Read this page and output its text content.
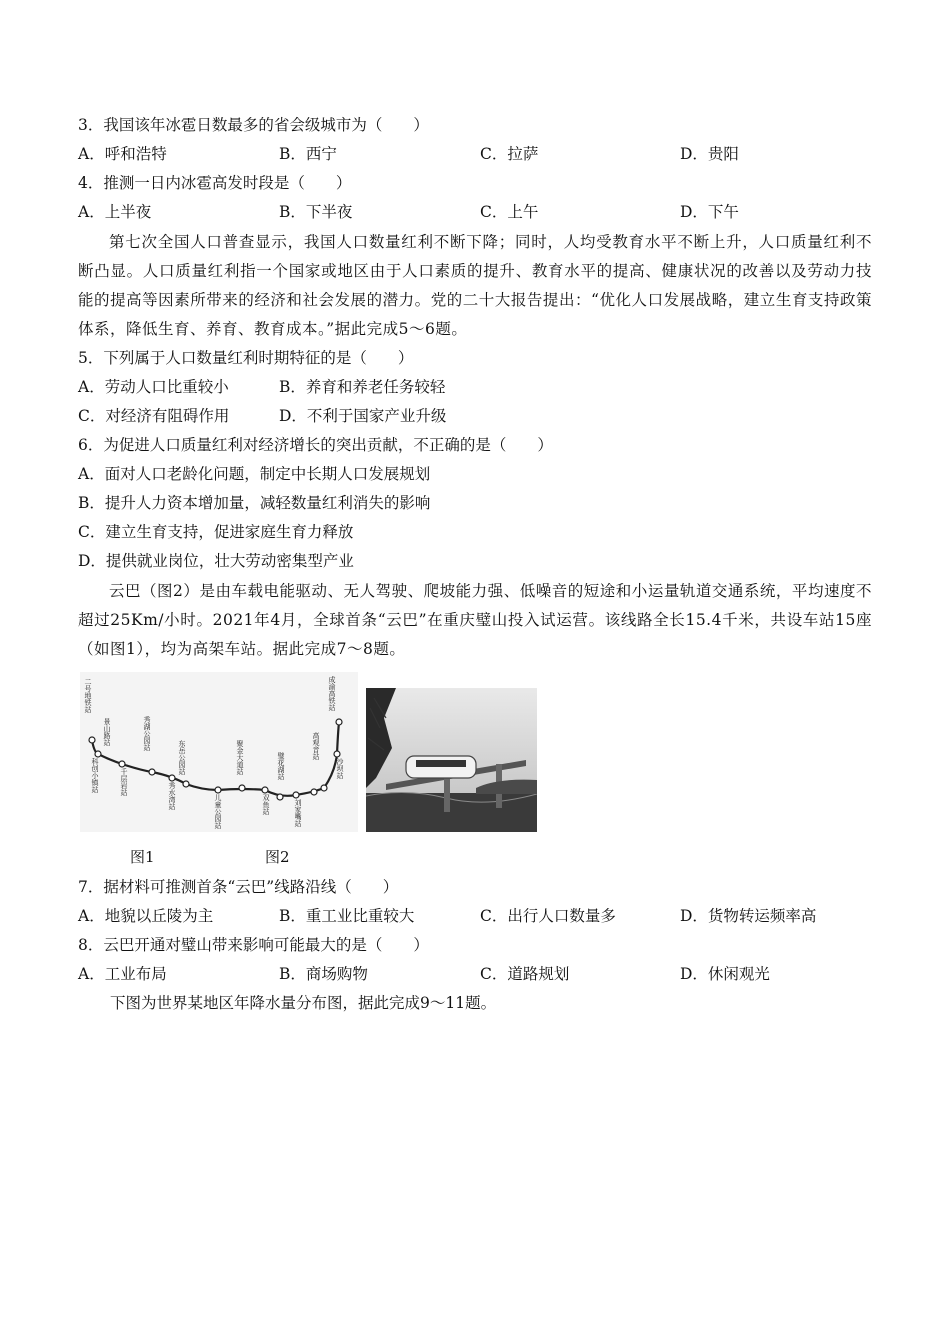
3．我国该年冰雹日数最多的省会级城市为（　　）
A．呼和浩特	B．西宁	C．拉萨	D．贵阳
4．推测一日内冰雹高发时段是（　　）
A．上半夜	B．下半夜	C．上午	D．下午
第七次全国人口普查显示，我国人口数量红利不断下降；同时，人均受教育水平不断上升，人口质量红利不断凸显。人口质量红利指一个国家或地区由于人口素质的提升、教育水平的提高、健康状况的改善以及劳动力技能的提高等因素所带来的经济和社会发展的潜力。党的二十大报告提出：“优化人口发展战略，建立生育支持政策体系，降低生育、养育、教育成本。”据此完成5～6题。
5．下列属于人口数量红利时期特征的是（　　）
A．劳动人口比重较小	B．养育和养老任务较轻
C．对经济有阻碍作用	D．不利于国家产业升级
6．为促进人口质量红利对经济增长的突出贡献，不正确的是（　　）
A．面对人口老龄化问题，制定中长期人口发展规划
B．提升人力资本增加量，减轻数量红利消失的影响
C．建立生育支持，促进家庭生育力释放
D．提供就业岗位，壮大劳动密集型产业
云巴（图2）是由车载电能驱动、无人驾驶、爬坡能力强、低噪音的短途和小运量轨道交通系统，平均速度不超过25Km/小时。2021年4月，全球首条“云巴”在重庆璧山投入试运营。该线路全长15.4千米，共设车站15座（如图1），均为高架车站。据此完成7～8题。
二号地铁站
科创小镇站
景山路站
千层岩站
秀湖公园站
秀水湾站
东岳公园站
儿童公园站
聚金大道站
双鱼站
璧花湖站
刘家嘴站
高观音站
沙坝站
成渝高铁站
图1	图2
7．据材料可推测首条“云巴”线路沿线（　　）
A．地貌以丘陵为主	B．重工业比重较大	C．出行人口数量多	D．货物转运频率高
8．云巴开通对璧山带来影响可能最大的是（　　）
A．工业布局	B．商场购物	C．道路规划	D．休闲观光
下图为世界某地区年降水量分布图，据此完成9～11题。
